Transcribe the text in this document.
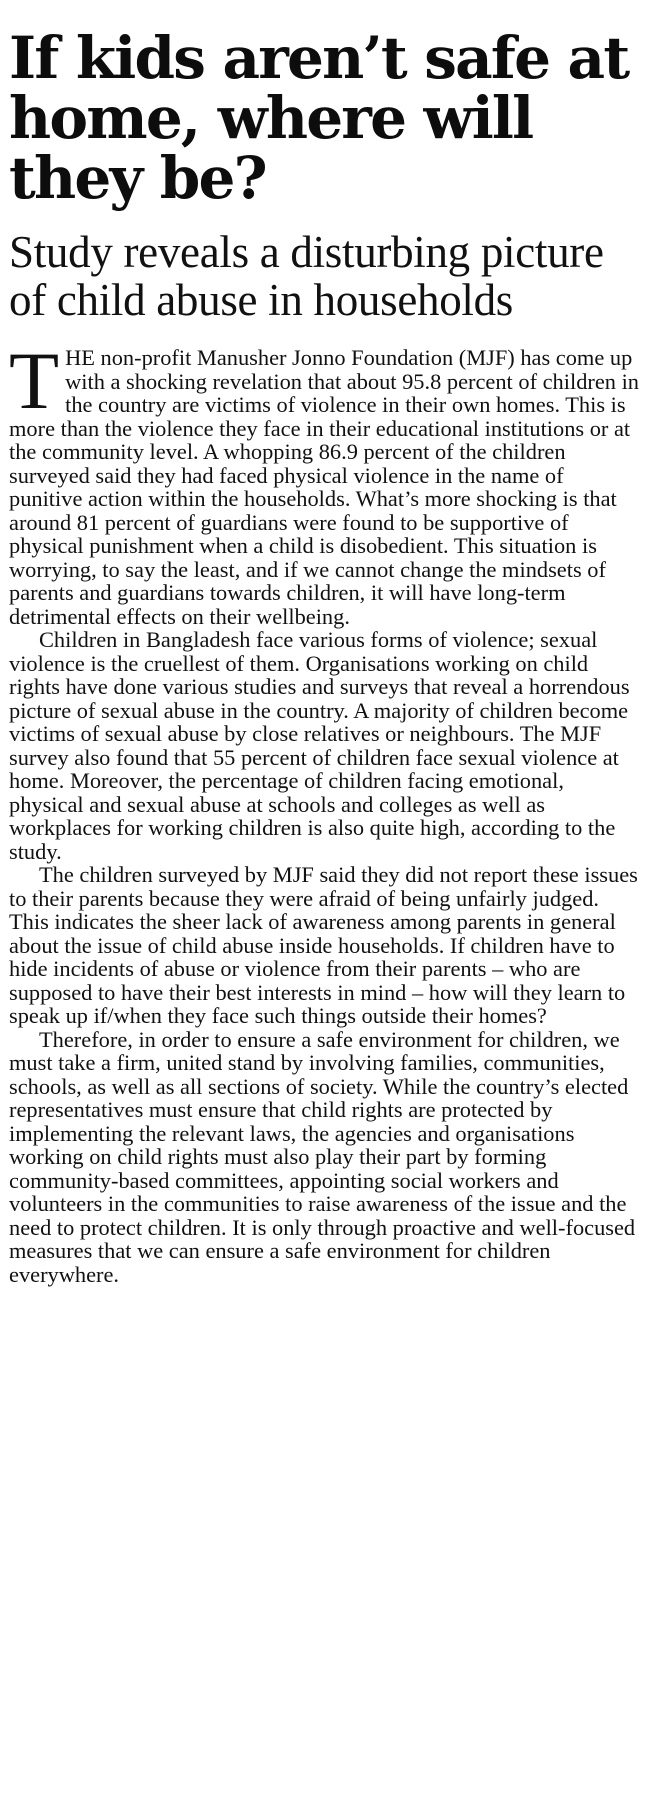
If kids aren’t safe at home, where will they be?
Study reveals a disturbing picture of child abuse in households

THE non-profit Manusher Jonno Foundation (MJF) has come up with a shocking revelation that about 95.8 percent of children in the country are victims of violence in their own homes. This is more than the violence they face in their educational institutions or at the community level. A whopping 86.9 percent of the children surveyed said they had faced physical violence in the name of punitive action within the households. What’s more shocking is that around 81 percent of guardians were found to be supportive of physical punishment when a child is disobedient. This situation is worrying, to say the least, and if we cannot change the mindsets of parents and guardians towards children, it will have long-term detrimental effects on their wellbeing.

Children in Bangladesh face various forms of violence; sexual violence is the cruellest of them. Organisations working on child rights have done various studies and surveys that reveal a horrendous picture of sexual abuse in the country. A majority of children become victims of sexual abuse by close relatives or neighbours. The MJF survey also found that 55 percent of children face sexual violence at home. Moreover, the percentage of children facing emotional, physical and sexual abuse at schools and colleges as well as workplaces for working children is also quite high, according to the study.

The children surveyed by MJF said they did not report these issues to their parents because they were afraid of being unfairly judged. This indicates the sheer lack of awareness among parents in general about the issue of child abuse inside households. If children have to hide incidents of abuse or violence from their parents – who are supposed to have their best interests in mind – how will they learn to speak up if/when they face such things outside their homes?

Therefore, in order to ensure a safe environment for children, we must take a firm, united stand by involving families, communities, schools, as well as all sections of society. While the country’s elected representatives must ensure that child rights are protected by implementing the relevant laws, the agencies and organisations working on child rights must also play their part by forming community-based committees, appointing social workers and volunteers in the communities to raise awareness of the issue and the need to protect children. It is only through proactive and well-focused measures that we can ensure a safe environment for children everywhere.
